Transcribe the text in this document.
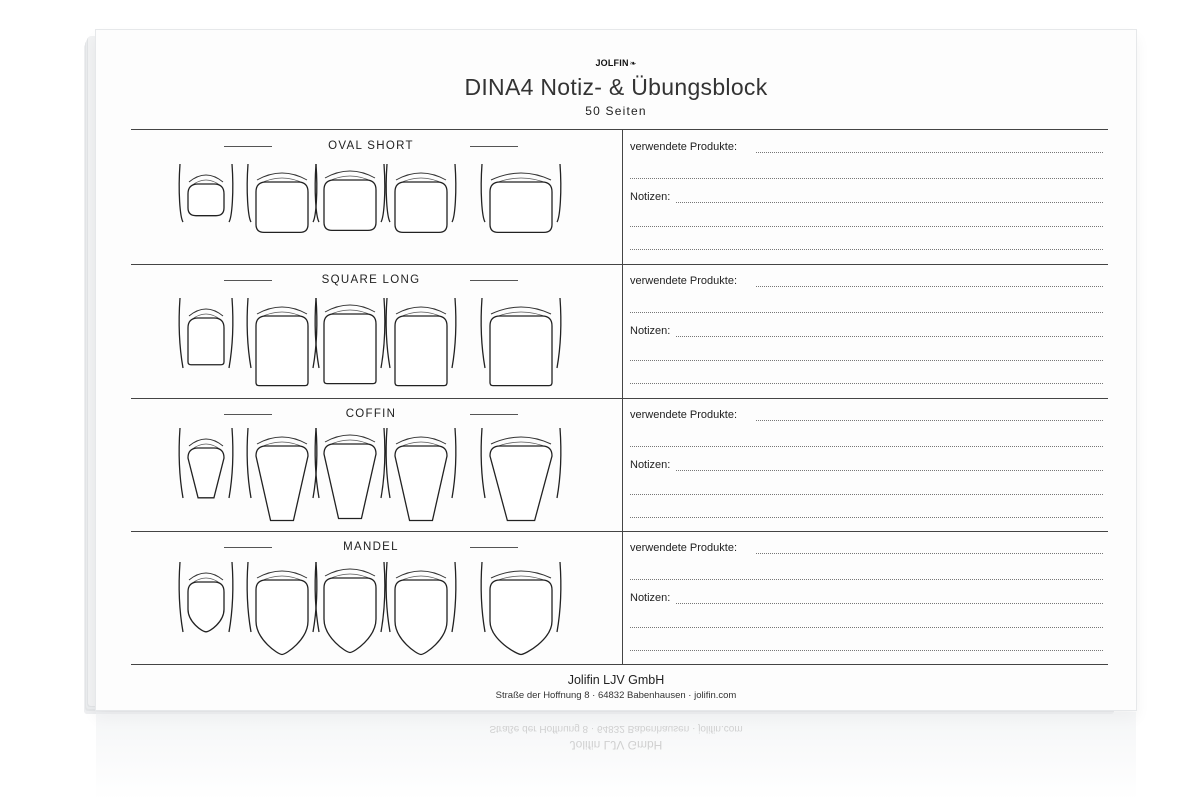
JOLFIN❧
DINA4 Notiz- & Übungsblock
50 Seiten
OVAL SHORT	verwendete Produkte:
Notizen:
SQUARE LONG	verwendete Produkte:
Notizen:
COFFIN	verwendete Produkte:
Notizen:
MANDEL	verwendete Produkte:
Notizen:
Jolifin LJV GmbH
Straße der Hoffnung 8 · 64832 Babenhausen · jolifin.com
Jolifin LJV GmbH
Straße der Hoffnung 8 · 64832 Babenhausen · jolifin.com
